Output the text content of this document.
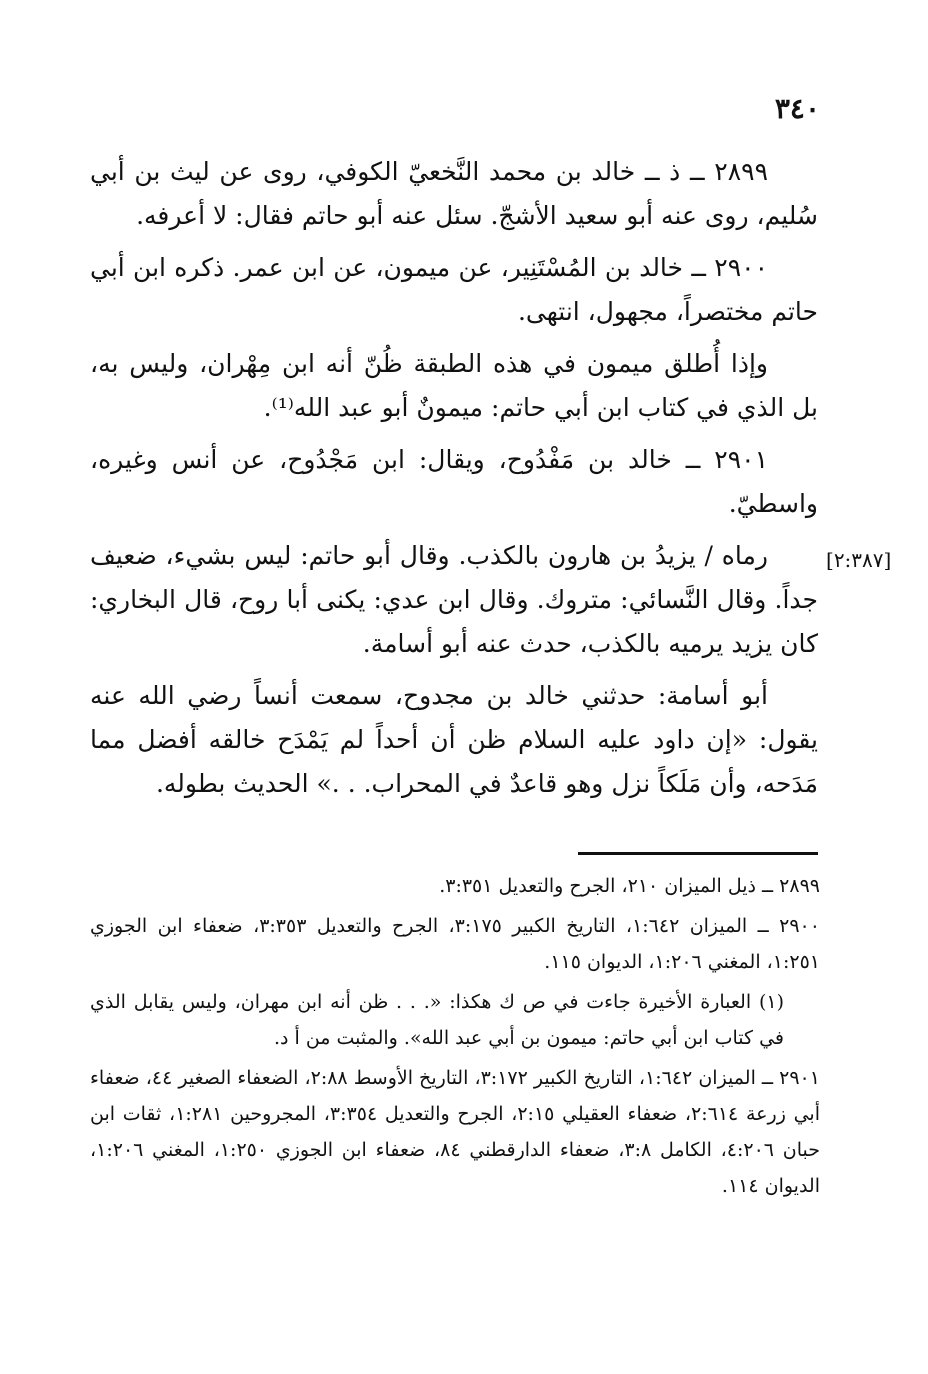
٣٤٠
[٢:٣٨٧]

٢٨٩٩ ــ ذ ــ خالد بن محمد النَّخعيّ الكوفي، روى عن ليث بن أبي سُليم، روى عنه أبو سعيد الأشجّ. سئل عنه أبو حاتم فقال: لا أعرفه.

٢٩٠٠ ــ خالد بن المُسْتَنِير، عن ميمون، عن ابن عمر. ذكره ابن أبي حاتم مختصراً، مجهول، انتهى.

وإذا أُطلق ميمون في هذه الطبقة ظُنّ أنه ابن مِهْران، وليس به، بل الذي في كتاب ابن أبي حاتم: ميمونٌ أبو عبد الله⁽¹⁾.

٢٩٠١ ــ خالد بن مَفْدُوح، ويقال: ابن مَجْدُوح، عن أنس وغيره، واسطيّ.

رماه / يزيدُ بن هارون بالكذب. وقال أبو حاتم: ليس بشيء، ضعيف جداً. وقال النَّسائي: متروك. وقال ابن عدي: يكنى أبا روح، قال البخاري: كان يزيد يرميه بالكذب، حدث عنه أبو أسامة.

أبو أسامة: حدثني خالد بن مجدوح، سمعت أنساً رضي الله عنه يقول: «إن داود عليه السلام ظن أن أحداً لم يَمْدَح خالقه أفضل مما مَدَحه، وأن مَلَكاً نزل وهو قاعدٌ في المحراب. . .» الحديث بطوله.

٢٨٩٩ ــ ذيل الميزان ٢١٠، الجرح والتعديل ٣:٣٥١.

٢٩٠٠ ــ الميزان ١:٦٤٢، التاريخ الكبير ٣:١٧٥، الجرح والتعديل ٣:٣٥٣، ضعفاء ابن الجوزي ١:٢٥١، المغني ١:٢٠٦، الديوان ١١٥.

(١) العبارة الأخيرة جاءت في ص ك هكذا: «. . . ظن أنه ابن مهران، وليس يقابل الذي في كتاب ابن أبي حاتم: ميمون بن أبي عبد الله». والمثبت من أ د.

٢٩٠١ ــ الميزان ١:٦٤٢، التاريخ الكبير ٣:١٧٢، التاريخ الأوسط ٢:٨٨، الضعفاء الصغير ٤٤، ضعفاء أبي زرعة ٢:٦١٤، ضعفاء العقيلي ٢:١٥، الجرح والتعديل ٣:٣٥٤، المجروحين ١:٢٨١، ثقات ابن حبان ٤:٢٠٦، الكامل ٣:٨، ضعفاء الدارقطني ٨٤، ضعفاء ابن الجوزي ١:٢٥٠، المغني ١:٢٠٦، الديوان ١١٤.
